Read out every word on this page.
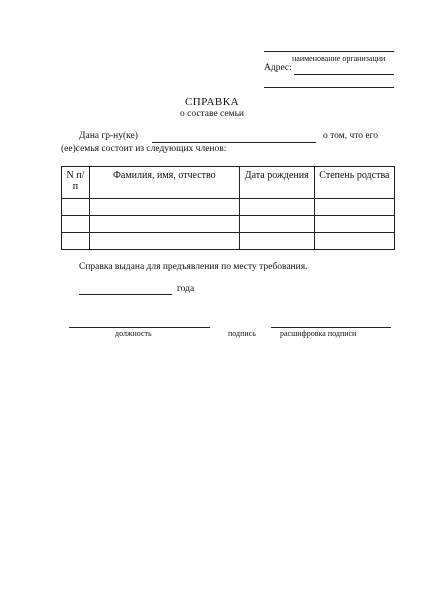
наименование организации
Адрес:
СПРАВКА
о составе семьи
Дана гр-ну(ке)	о том, что его
(ее)семья состоит из следующих членов:
N п/п	Фамилия, имя, отчество	Дата рождения	Степень родства

Справка выдана для предъявления по месту требования.
года
должность	подпись	расшифровка подписи
